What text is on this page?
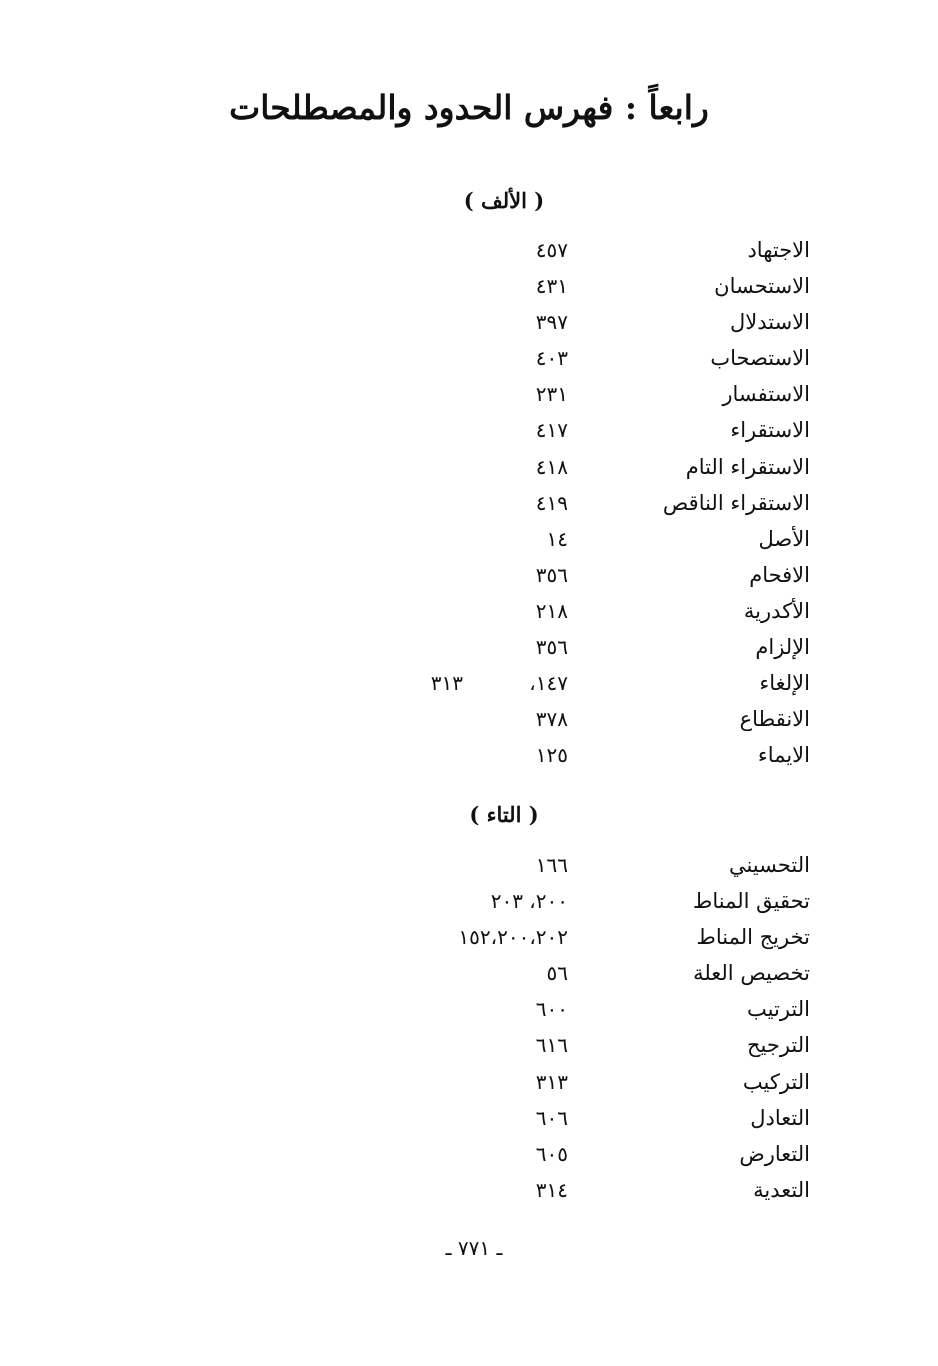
رابعاً : فهرس الحدود والمصطلحات
( الألف )
الاجتهاد
٤٥٧
الاستحسان
٤٣١
الاستدلال
٣٩٧
الاستصحاب
٤٠٣
الاستفسار
٢٣١
الاستقراء
٤١٧
الاستقراء التام
٤١٨
الاستقراء الناقص
٤١٩
الأصل
١٤
الافحام
٣٥٦
الأكدرية
٢١٨
الإلزام
٣٥٦
الإلغاء
١٤٧،
٣١٣
الانقطاع
٣٧٨
الايماء
١٢٥
( التاء )
التحسيني
١٦٦
تحقيق المناط
٢٠٠، ٢٠٣
تخريج المناط
١٥٢،٢٠٠،٢٠٢
تخصيص العلة
٥٦
الترتيب
٦٠٠
الترجيح
٦١٦
التركيب
٣١٣
التعادل
٦٠٦
التعارض
٦٠٥
التعدية
٣١٤
ـ ٧٧١ ـ
